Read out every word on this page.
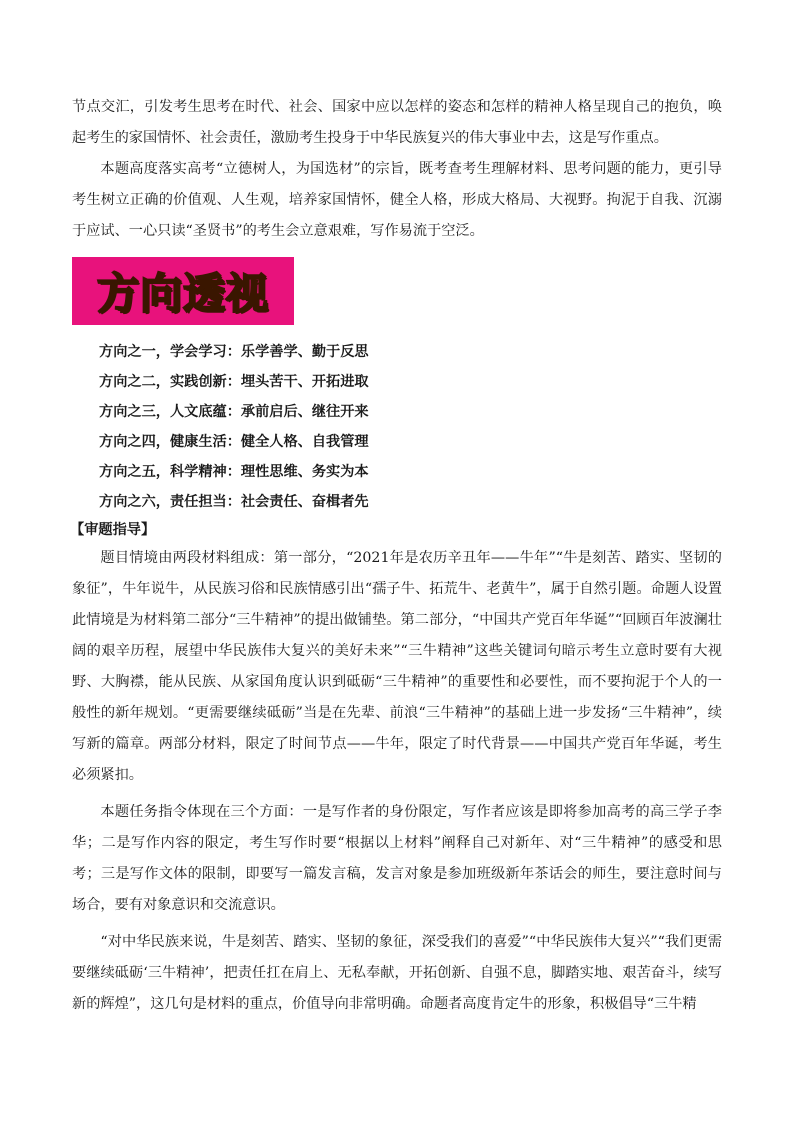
节点交汇，引发考生思考在时代、社会、国家中应以怎样的姿态和怎样的精神人格呈现自己的抱负，唤起考生的家国情怀、社会责任，激励考生投身于中华民族复兴的伟大事业中去，这是写作重点。

本题高度落实高考“立德树人，为国选材”的宗旨，既考查考生理解材料、思考问题的能力，更引导考生树立正确的价值观、人生观，培养家国情怀，健全人格，形成大格局、大视野。拘泥于自我、沉溺于应试、一心只读“圣贤书”的考生会立意艰难，写作易流于空泛。

方向透视
方向之一，学会学习：乐学善学、勤于反思
方向之二，实践创新：埋头苦干、开拓进取
方向之三，人文底蕴：承前启后、继往开来
方向之四，健康生活：健全人格、自我管理
方向之五，科学精神：理性思维、务实为本
方向之六，责任担当：社会责任、奋楫者先
【审题指导】

题目情境由两段材料组成：第一部分，“2021年是农历辛丑年——牛年”“牛是刻苦、踏实、坚韧的象征”，牛年说牛，从民族习俗和民族情感引出“孺子牛、拓荒牛、老黄牛”，属于自然引题。命题人设置此情境是为材料第二部分“三牛精神”的提出做铺垫。第二部分，“中国共产党百年华诞”“回顾百年波澜壮阔的艰辛历程，展望中华民族伟大复兴的美好未来”“三牛精神”这些关键词句暗示考生立意时要有大视野、大胸襟，能从民族、从家国角度认识到砥砺“三牛精神”的重要性和必要性，而不要拘泥于个人的一般性的新年规划。“更需要继续砥砺”当是在先辈、前浪“三牛精神”的基础上进一步发扬“三牛精神”，续写新的篇章。两部分材料，限定了时间节点——牛年，限定了时代背景——中国共产党百年华诞，考生必须紧扣。

本题任务指令体现在三个方面：一是写作者的身份限定，写作者应该是即将参加高考的高三学子李华；二是写作内容的限定，考生写作时要“根据以上材料”阐释自己对新年、对“三牛精神”的感受和思考；三是写作文体的限制，即要写一篇发言稿，发言对象是参加班级新年茶话会的师生，要注意时间与场合，要有对象意识和交流意识。

“对中华民族来说，牛是刻苦、踏实、坚韧的象征，深受我们的喜爱”“中华民族伟大复兴”“我们更需要继续砥砺‘三牛精神’，把责任扛在肩上、无私奉献，开拓创新、自强不息，脚踏实地、艰苦奋斗，续写新的辉煌”，这几句是材料的重点，价值导向非常明确。命题者高度肯定牛的形象，积极倡导“三牛精
